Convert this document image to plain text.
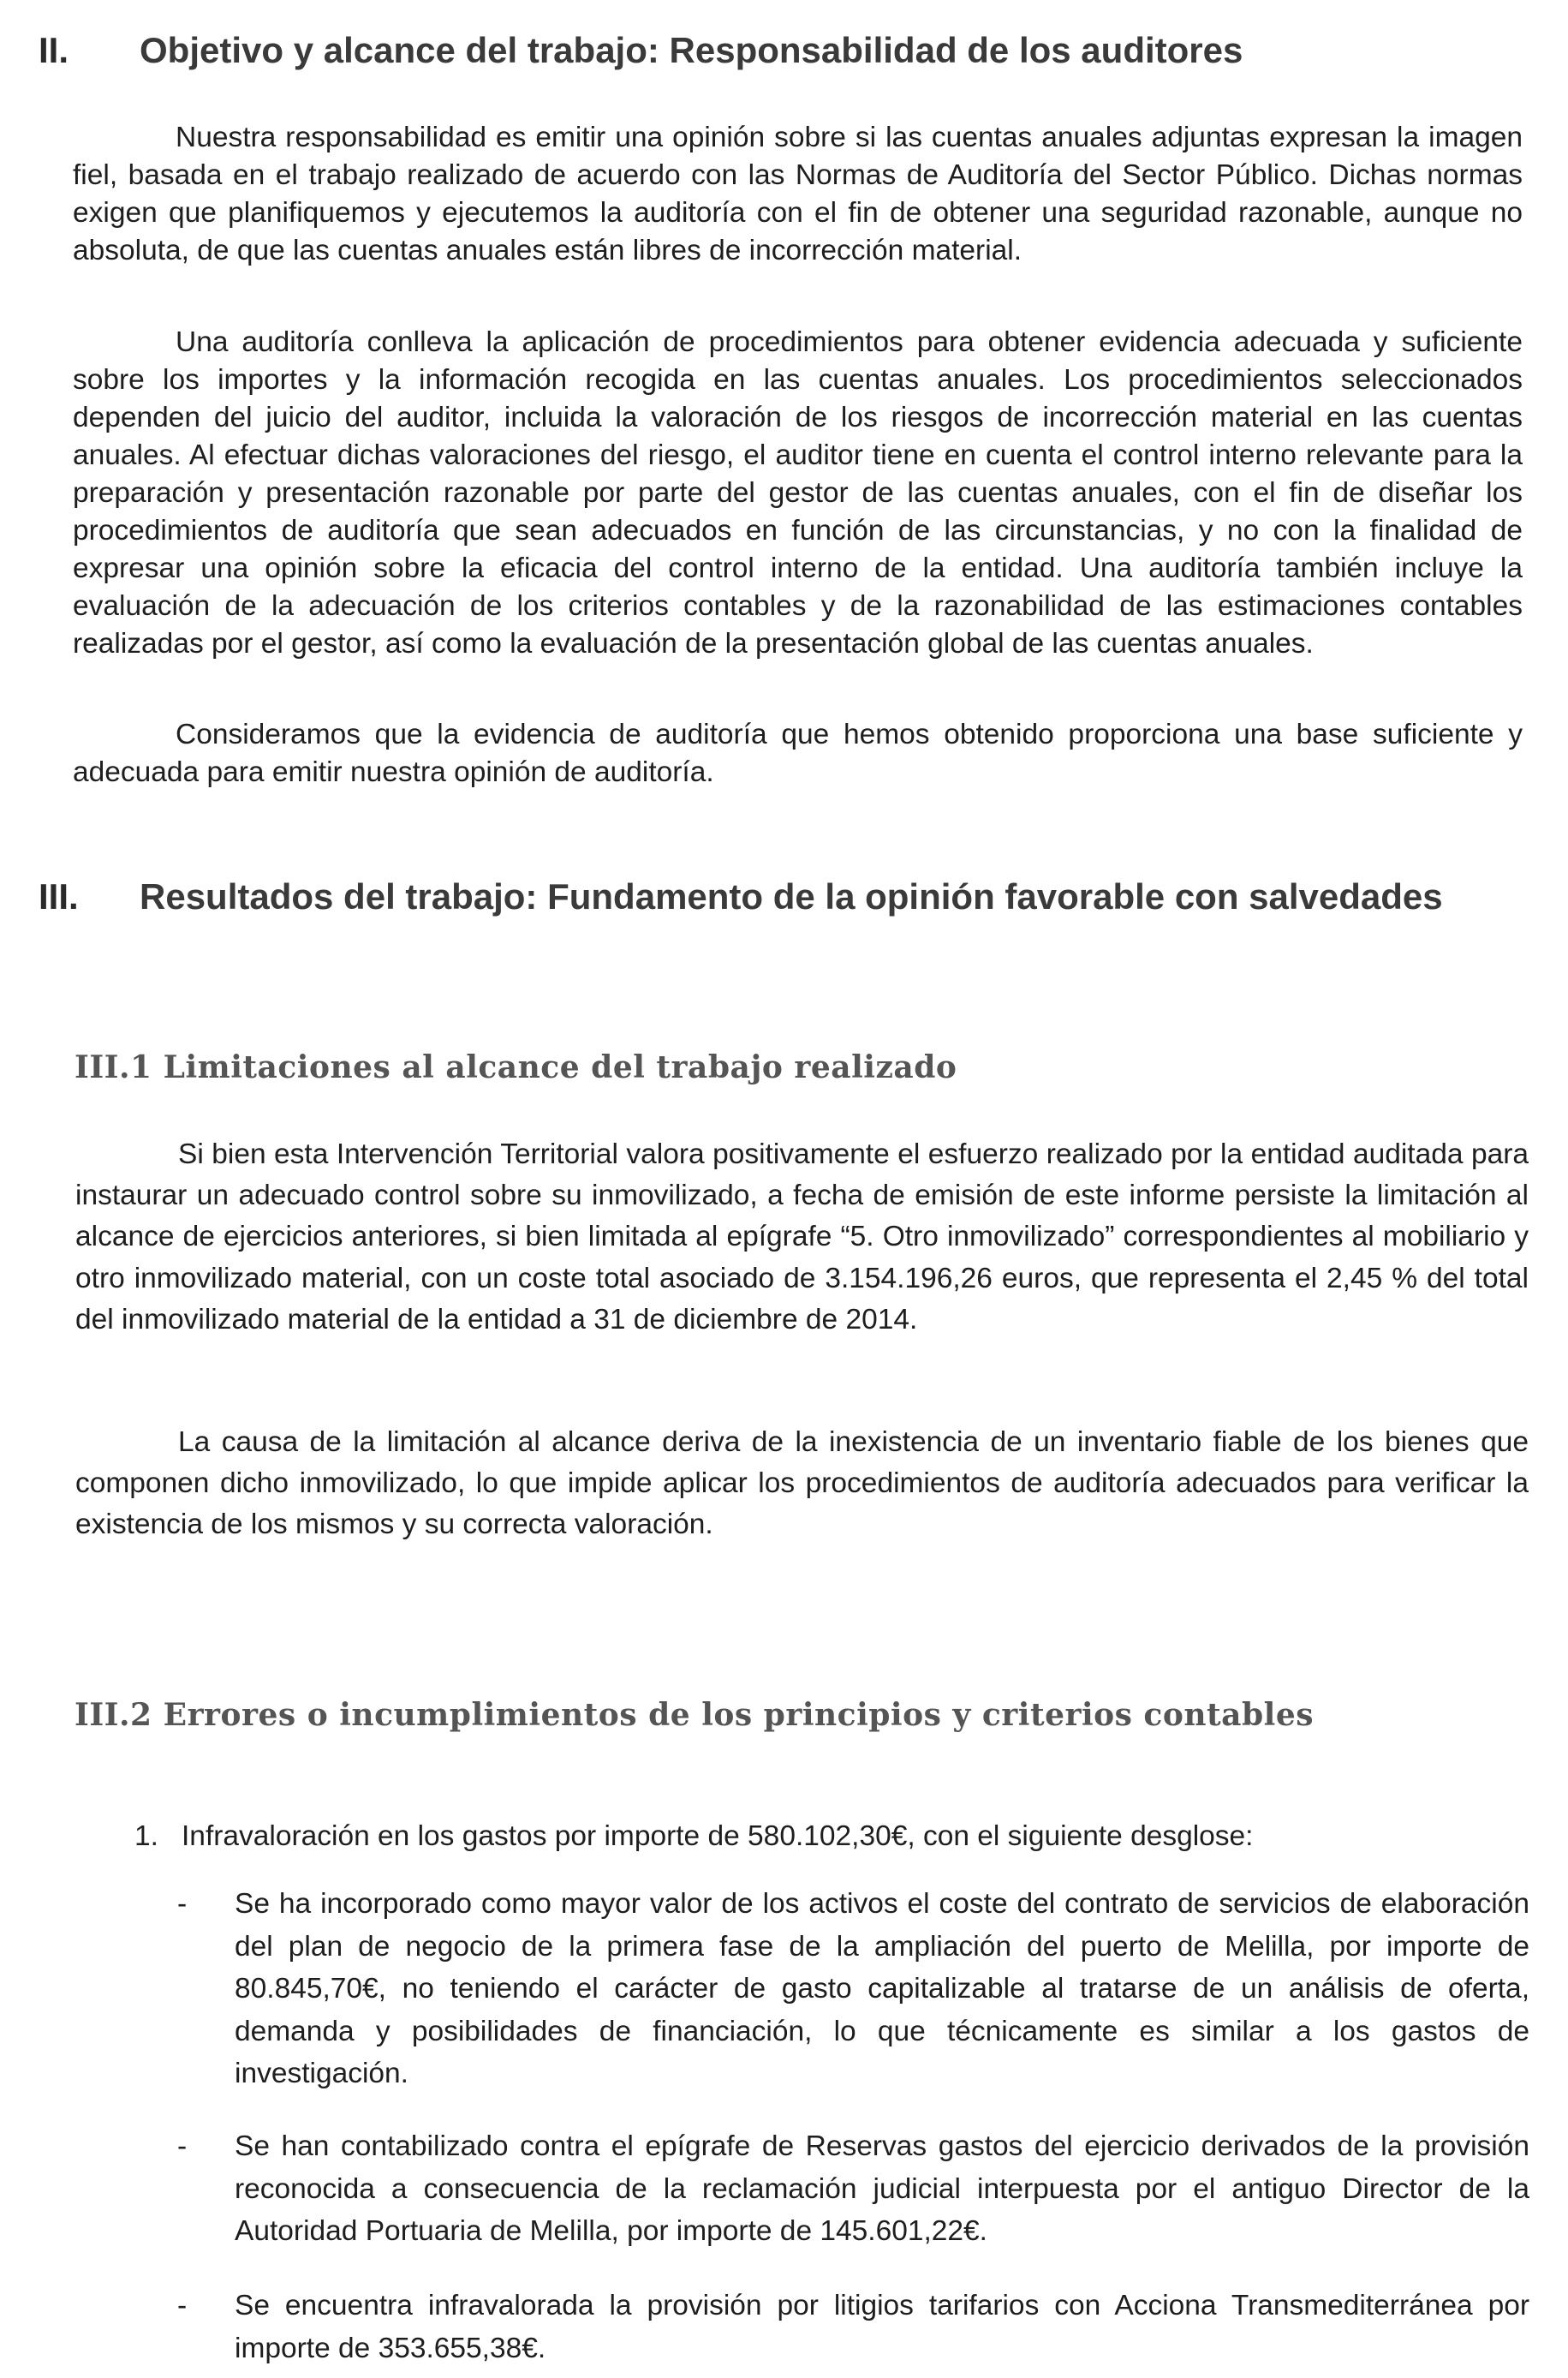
II. Objetivo y alcance del trabajo: Responsabilidad de los auditores

Nuestra responsabilidad es emitir una opinión sobre si las cuentas anuales adjuntas expresan la imagen fiel, basada en el trabajo realizado de acuerdo con las Normas de Auditoría del Sector Público. Dichas normas exigen que planifiquemos y ejecutemos la auditoría con el fin de obtener una seguridad razonable, aunque no absoluta, de que las cuentas anuales están libres de incorrección material.

Una auditoría conlleva la aplicación de procedimientos para obtener evidencia adecuada y suficiente sobre los importes y la información recogida en las cuentas anuales. Los procedimientos seleccionados dependen del juicio del auditor, incluida la valoración de los riesgos de incorrección material en las cuentas anuales. Al efectuar dichas valoraciones del riesgo, el auditor tiene en cuenta el control interno relevante para la preparación y presentación razonable por parte del gestor de las cuentas anuales, con el fin de diseñar los procedimientos de auditoría que sean adecuados en función de las circunstancias, y no con la finalidad de expresar una opinión sobre la eficacia del control interno de la entidad. Una auditoría también incluye la evaluación de la adecuación de los criterios contables y de la razonabilidad de las estimaciones contables realizadas por el gestor, así como la evaluación de la presentación global de las cuentas anuales.

Consideramos que la evidencia de auditoría que hemos obtenido proporciona una base suficiente y adecuada para emitir nuestra opinión de auditoría.

III. Resultados del trabajo: Fundamento de la opinión favorable con salvedades
III.1 Limitaciones al alcance del trabajo realizado

Si bien esta Intervención Territorial valora positivamente el esfuerzo realizado por la entidad auditada para instaurar un adecuado control sobre su inmovilizado, a fecha de emisión de este informe persiste la limitación al alcance de ejercicios anteriores, si bien limitada al epígrafe “5. Otro inmovilizado” correspondientes al mobiliario y otro inmovilizado material, con un coste total asociado de 3.154.196,26 euros, que representa el 2,45 % del total del inmovilizado material de la entidad a 31 de diciembre de 2014.

La causa de la limitación al alcance deriva de la inexistencia de un inventario fiable de los bienes que componen dicho inmovilizado, lo que impide aplicar los procedimientos de auditoría adecuados para verificar la existencia de los mismos y su correcta valoración.

III.2 Errores o incumplimientos de los principios y criterios contables
1. Infravaloración en los gastos por importe de 580.102,30€, con el siguiente desglose:
- Se ha incorporado como mayor valor de los activos el coste del contrato de servicios de elaboración del plan de negocio de la primera fase de la ampliación del puerto de Melilla, por importe de 80.845,70€, no teniendo el carácter de gasto capitalizable al tratarse de un análisis de oferta, demanda y posibilidades de financiación, lo que técnicamente es similar a los gastos de investigación.
- Se han contabilizado contra el epígrafe de Reservas gastos del ejercicio derivados de la provisión reconocida a consecuencia de la reclamación judicial interpuesta por el antiguo Director de la Autoridad Portuaria de Melilla, por importe de 145.601,22€.
- Se encuentra infravalorada la provisión por litigios tarifarios con Acciona Transmediterránea por importe de 353.655,38€.
